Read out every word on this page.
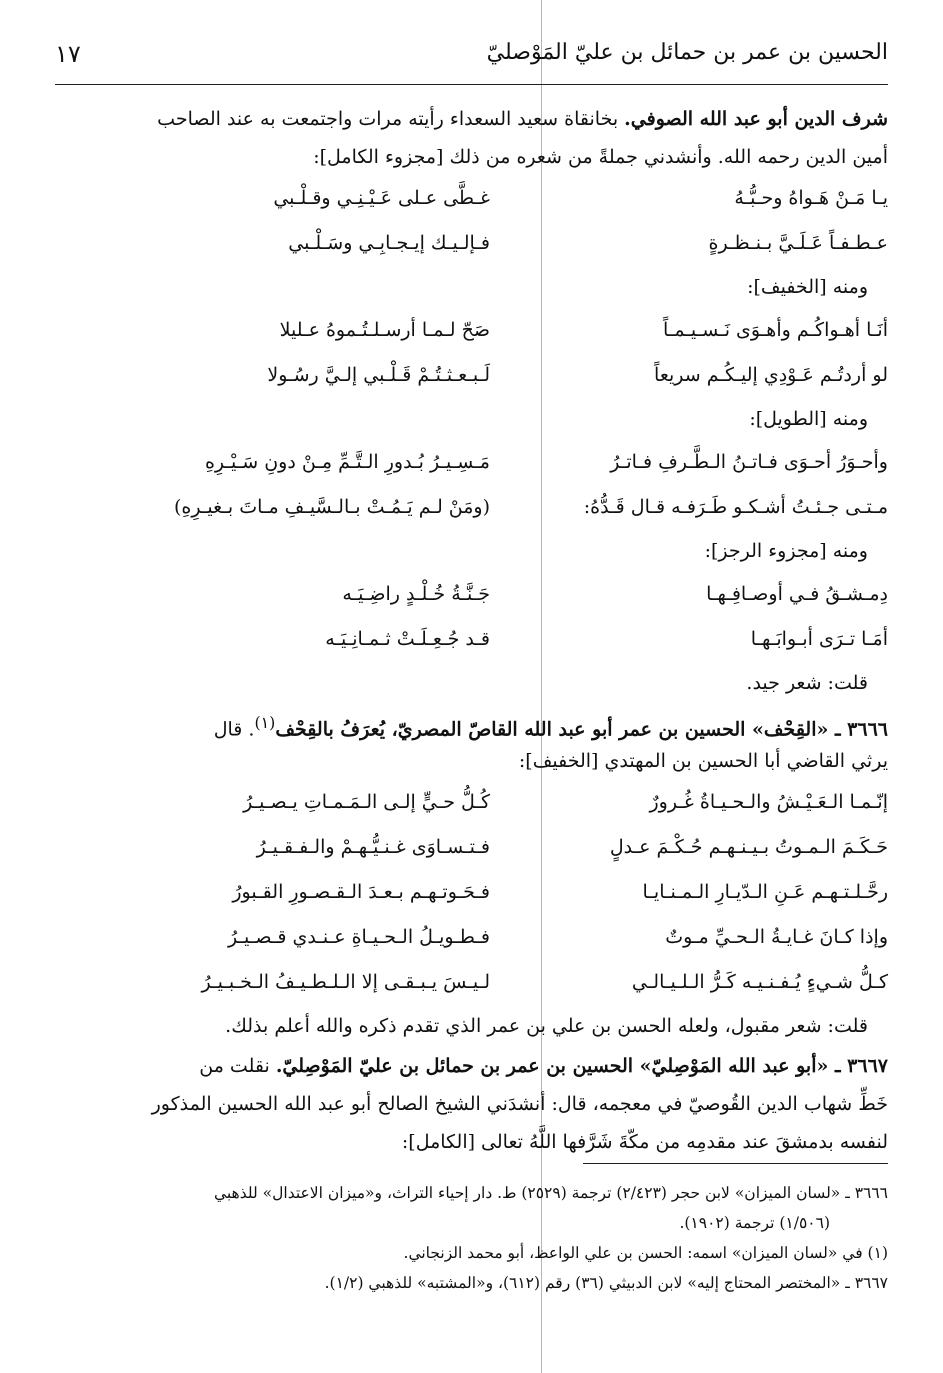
الحسين بن عمر بن حمائل بن عليّ المَوْصليّ
١٧
شرف الدين أبو عبد الله الصوفي. بخانقاة سعيد السعداء رأيته مرات واجتمعت به عند الصاحب
أمين الدين رحمه الله. وأنشدني جملةً من شعره من ذلك [مجزوء الكامل]:
يـا مَـنْ هَـواهُ وحـبُّـهُ
غـطَّى عـلى عَـيْـنِـي وقـلْـبي
عـطـفـاً عَـلَـيَّ بـنـظـرةٍ
فـإلـيـك إيـجـابِـي وسَـلْـبي
ومنه [الخفيف]:
أنَـا أهـواكُـم وأهـوَى نَـسـيـمـاً
صَحّ لـمـا أرسـلـتُـموهُ عـليلا
لو أردتُـم عَـوْدِي إليـكُـم سريعاً
لَـبـعـثـتُـمْ قَـلْـبي إلـيَّ رسُـولا
ومنه [الطويل]:
وأحـوَرُ أحـوَى فـاتـنُ الـطَّـرفِ فـاتـرُ
مَـسِـيـرُ بُـدورِ الـتَّـمِّ مِـنْ دونِ سَـيْـرِهِ
مـتـى جـئـتُ أشـكـو طَـرَفـه قـال قَـدُّهُ:
(ومَنْ لـم يَـمُـتْ بـالـسَّيـفِ مـاتَ بـغيـرِهِ)
ومنه [مجزوء الرجز]:
دِمـشـقُ فـي أوصـافِـهـا
جَـنَّـةُ خُـلْـدٍ راضِـيَـه
أمَـا تـرَى أبـوابَـهـا
قـد جُـعِـلَـتْ ثـمـانِـيَـه
قلت: شعر جيد.
٣٦٦٦ ـ «القِحْف» الحسين بن عمر أبو عبد الله القاصّ المصريّ، يُعرَفُ بالقِحْف$^{(١)}$. قال
يرثي القاضي أبا الحسين بن المهتدي [الخفيف]:
إنّـمـا الـعَـيْـشُ والـحـيـاةُ غُـرورٌ
كُـلُّ حـيٍّ إلـى الـمَـمـاتِ يـصـيـرُ
حَـكَـمَ الـمـوتُ بـيـنـهـم حُـكْـمَ عـدلٍ
فـتـسـاوَى غـنـيُّـهـمْ والـفـقـيـرُ
رحَّـلـتـهـم عَـنِ الـدّيـارِ الـمـنـايـا
فـحَـوتـهـم بـعـدَ الـقـصـورِ القـبورُ
وإذا كـانَ غـايـةُ الـحـيِّ مـوتٌ
فـطـويـلُ الـحـيـاةِ عـنـدي قـصـيـرُ
كـلُّ شـيءٍ يُـفـنـيـه كَـرُّ الـلـيـالـي
لـيـسَ يـبـقـى إلا الـلـطـيـفُ الـخـبـيـرُ
قلت: شعر مقبول، ولعله الحسن بن علي بن عمر الذي تقدم ذكره والله أعلم بذلك.
٣٦٦٧ ـ «أبو عبد الله المَوْصِليّ» الحسين بن عمر بن حمائل بن عليّ المَوْصِليّ. نقلت من
خَطِّ شهاب الدين القُوصيّ في معجمه، قال: أنشدَني الشيخ الصالح أبو عبد الله الحسين المذكور
لنفسه بدمشقَ عند مقدمِه من مكّةَ شَرَّفها اللَّهُ تعالى [الكامل]:
٣٦٦٦ ـ «لسان الميزان» لابن حجر (٢/٤٢٣) ترجمة (٢٥٢٩) ط. دار إحياء التراث، و«ميزان الاعتدال» للذهبي
(١/٥٠٦) ترجمة (١٩٠٢).
(١) في «لسان الميزان» اسمه: الحسن بن علي الواعظ، أبو محمد الزنجاني.
٣٦٦٧ ـ «المختصر المحتاج إليه» لابن الدبيثي (٣٦) رقم (٦١٢)، و«المشتبه» للذهبي (١/٢).
